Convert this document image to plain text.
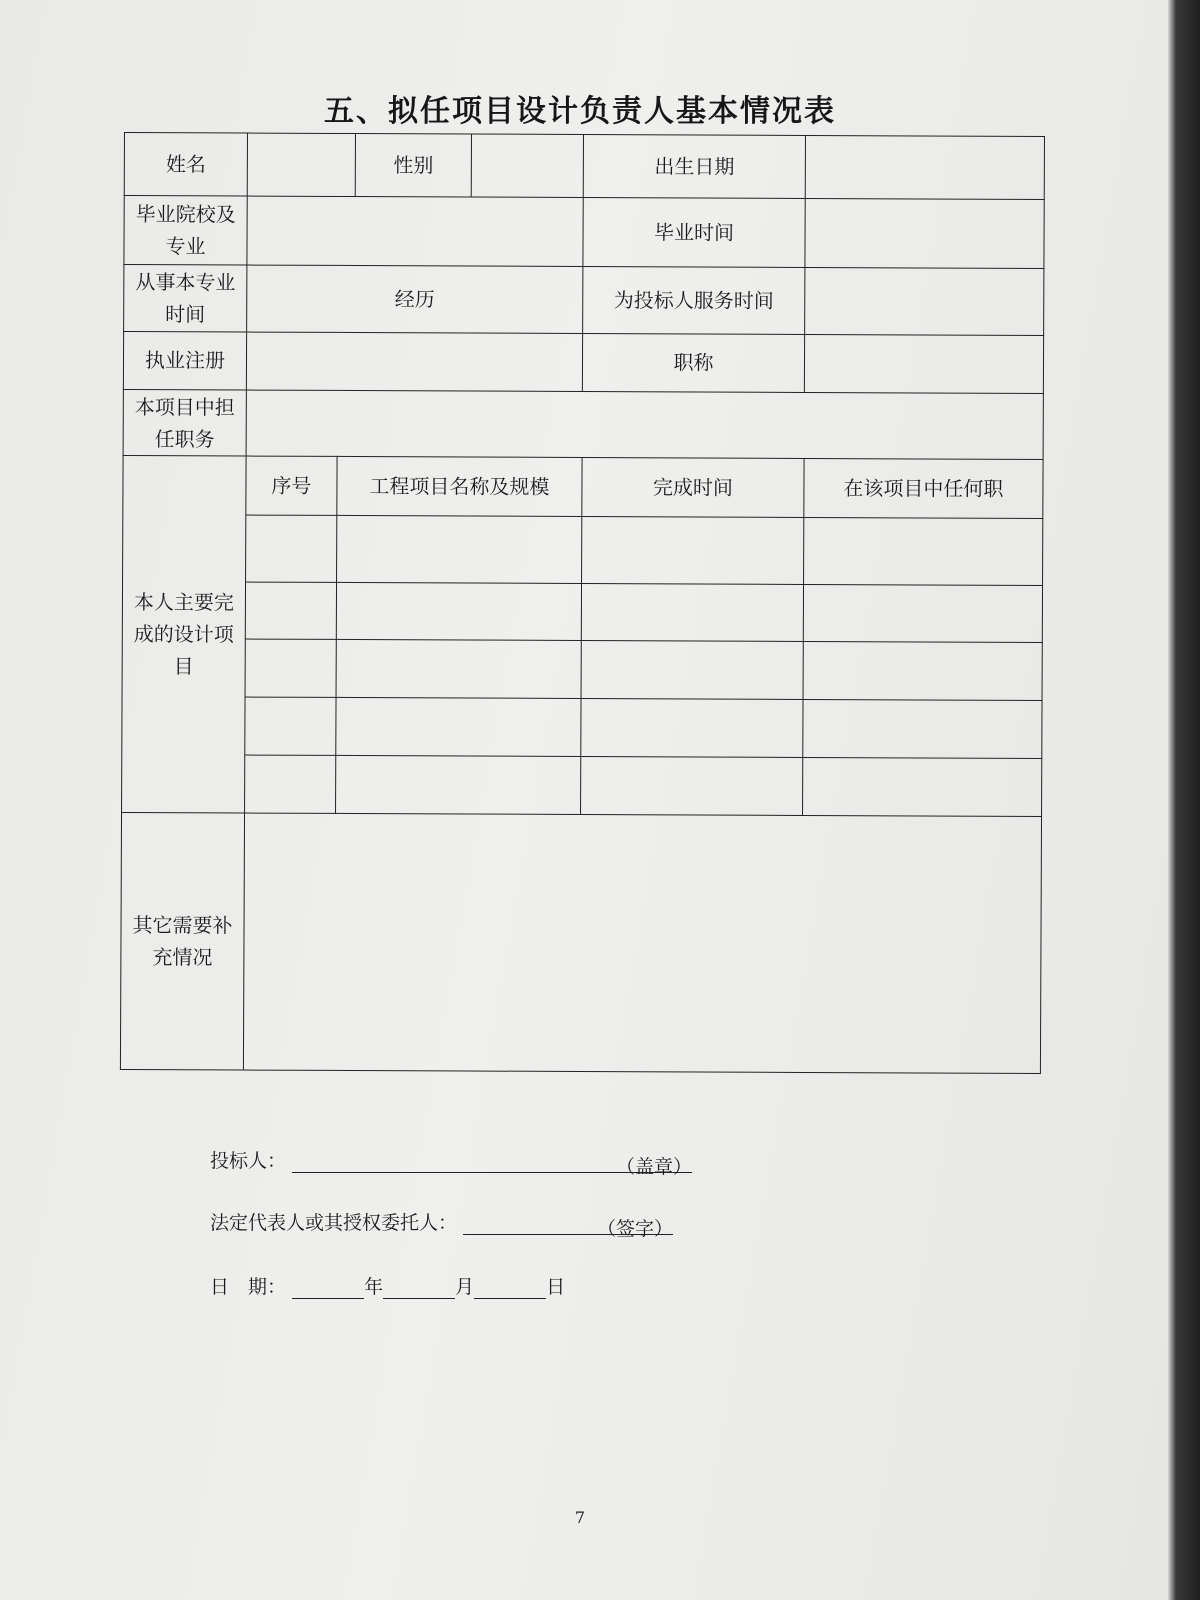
五、拟任项目设计负责人基本情况表
姓名			性别		出生日期	
毕业院校及专业					毕业时间	
从事本专业时间	经历				为投标人服务时间	
执业注册					职称	
本项目中担任职务						
本人主要完成的设计项目	序号	工程项目名称及规模			完成时间	在该项目中任何职

其它需要补充情况						
投标人：	（盖章）
法定代表人或其授权委托人：	（签字）
日　期：	年	月	日
7
